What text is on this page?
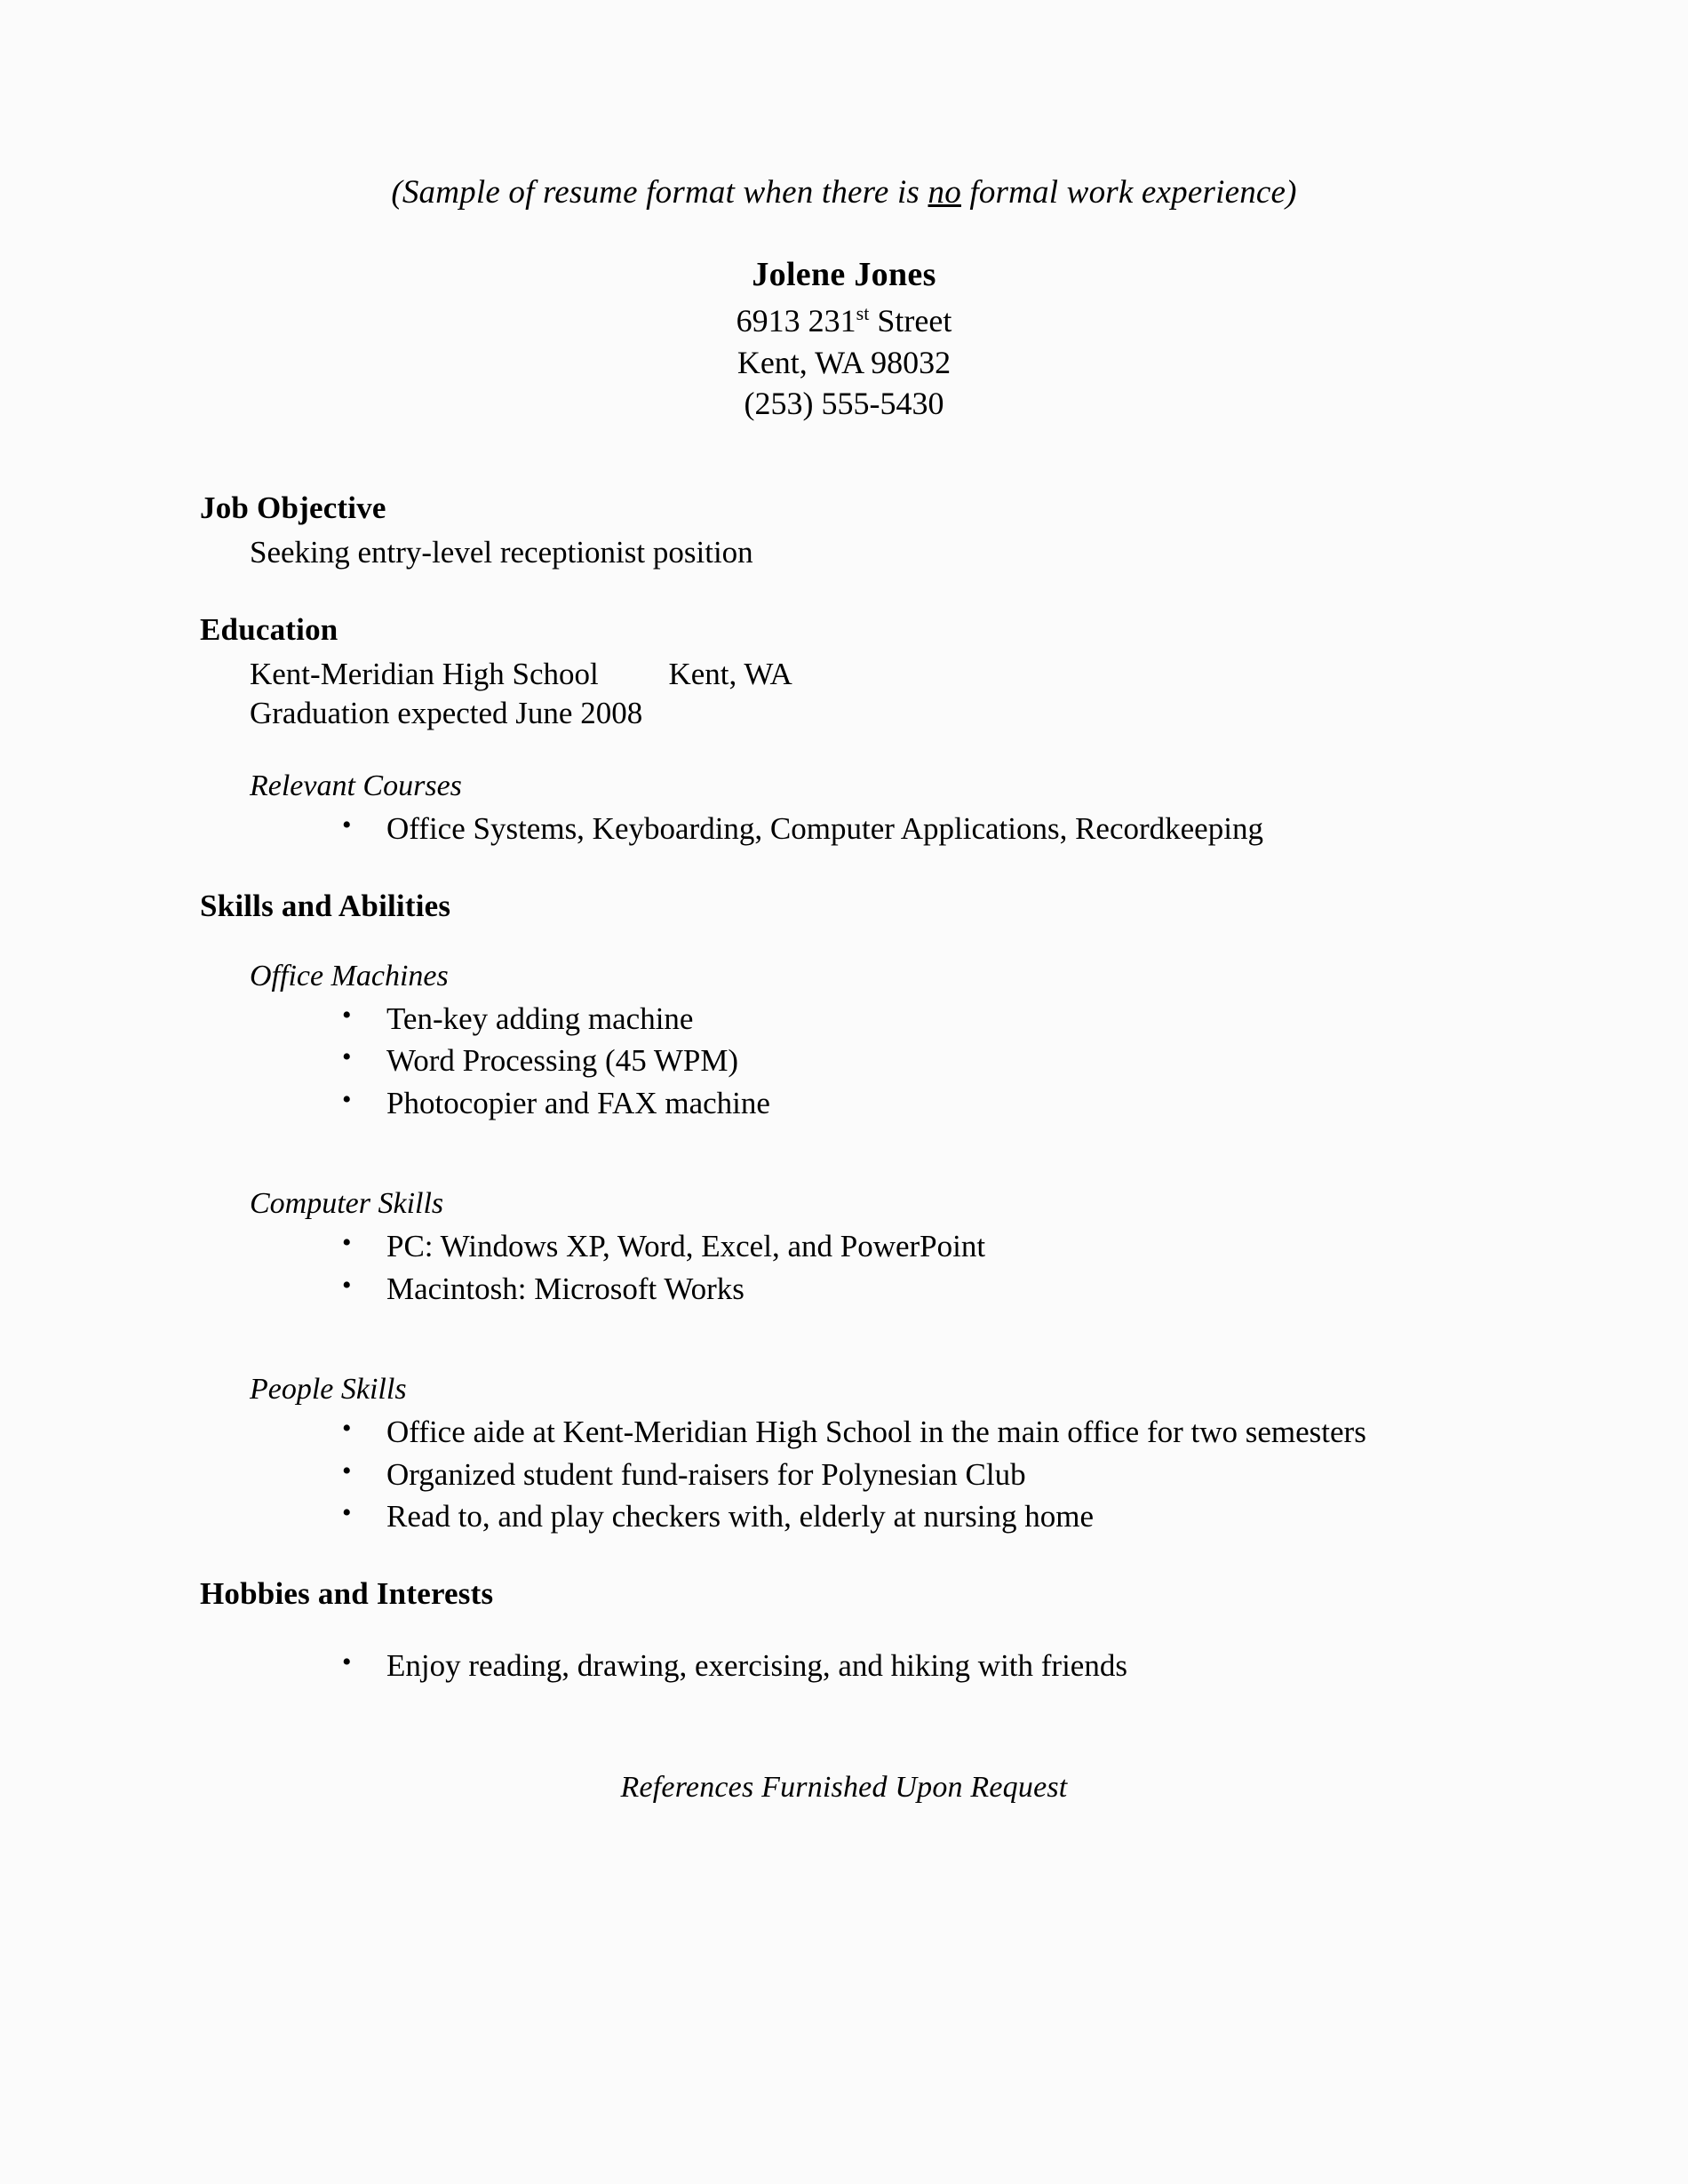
(Sample of resume format when there is no formal work experience)
Jolene Jones
6913 231st Street
Kent, WA 98032
(253) 555-5430
Job Objective
Seeking entry-level receptionist position
Education
Kent-Meridian High School         Kent, WA
Graduation expected June 2008
Relevant Courses
• Office Systems, Keyboarding, Computer Applications, Recordkeeping
Skills and Abilities
Office Machines
• Ten-key adding machine
• Word Processing (45 WPM)
• Photocopier and FAX machine
Computer Skills
• PC: Windows XP, Word, Excel, and PowerPoint
• Macintosh: Microsoft Works
People Skills
• Office aide at Kent-Meridian High School in the main office for two semesters
• Organized student fund-raisers for Polynesian Club
• Read to, and play checkers with, elderly at nursing home
Hobbies and Interests
• Enjoy reading, drawing, exercising, and hiking with friends
References Furnished Upon Request
